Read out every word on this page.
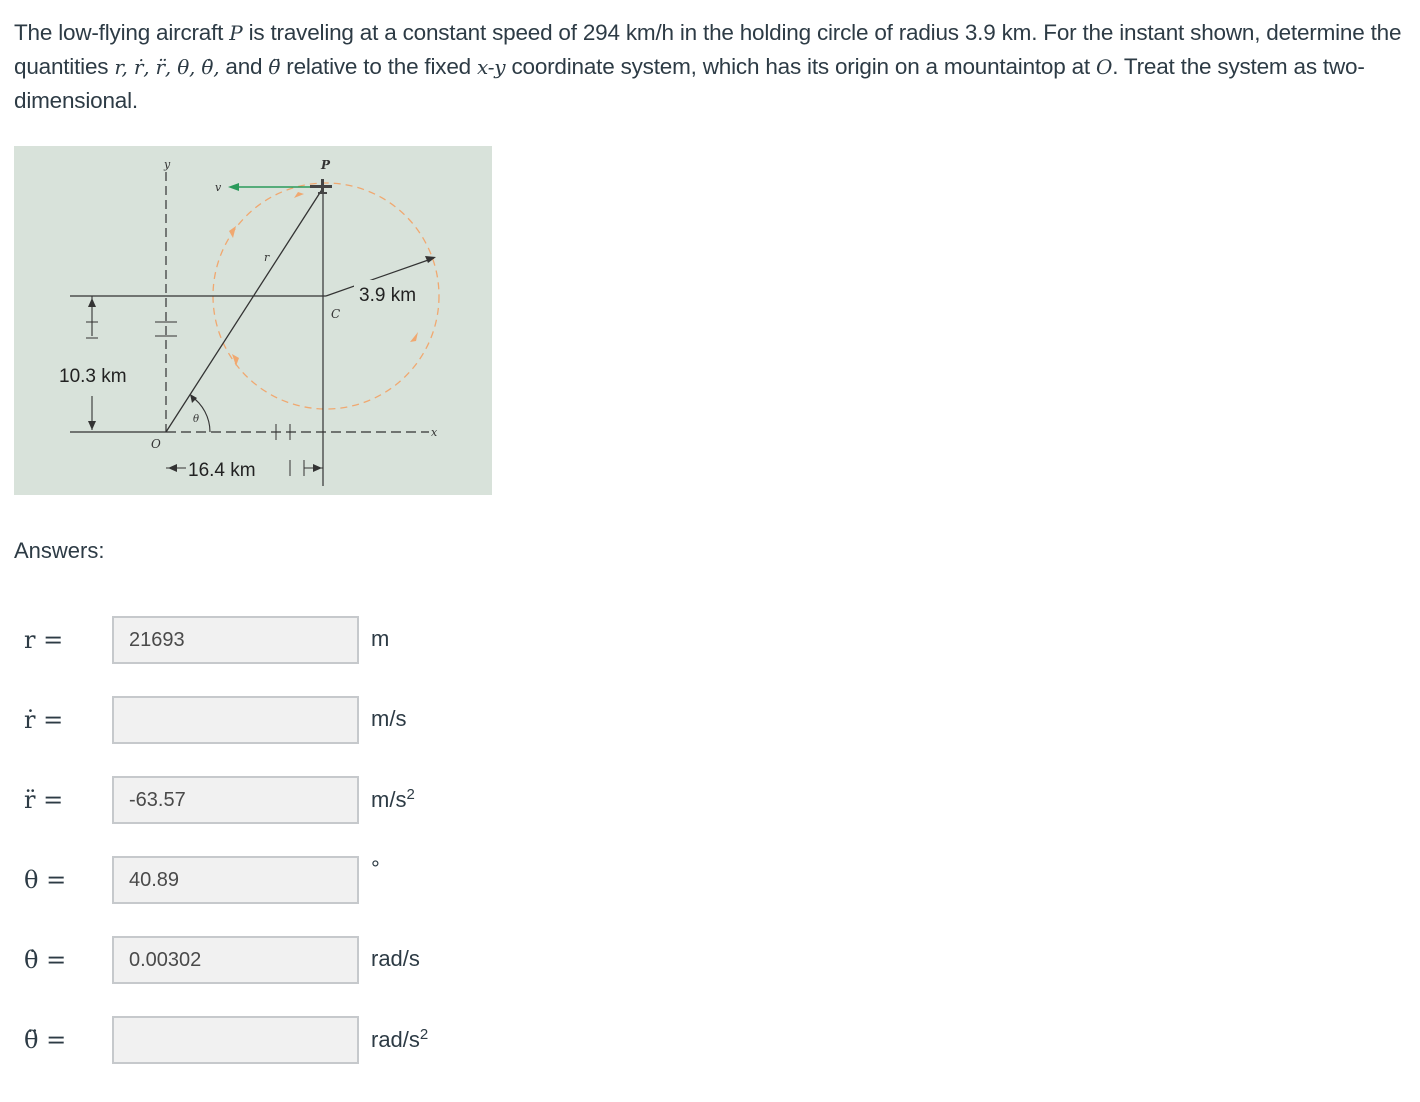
The low-flying aircraft P is traveling at a constant speed of 294 km/h in the holding circle of radius 3.9 km. For the instant shown, determine the quantities r, ṙ, r̈, θ, θ̇, and θ̈ relative to the fixed x-y coordinate system, which has its origin on a mountaintop at O. Treat the system as two-dimensional.
y	P
v
r
C
O
x
θ
3.9 km
10.3 km
16.4 km
Answers:
r =
21693	m
ṙ =	m/s
r̈ =
-63.57	$m/s^2$
θ =
40.89	°
θ̇ =
0.00302	rad/s
θ̈ =	rad/$s^2$
